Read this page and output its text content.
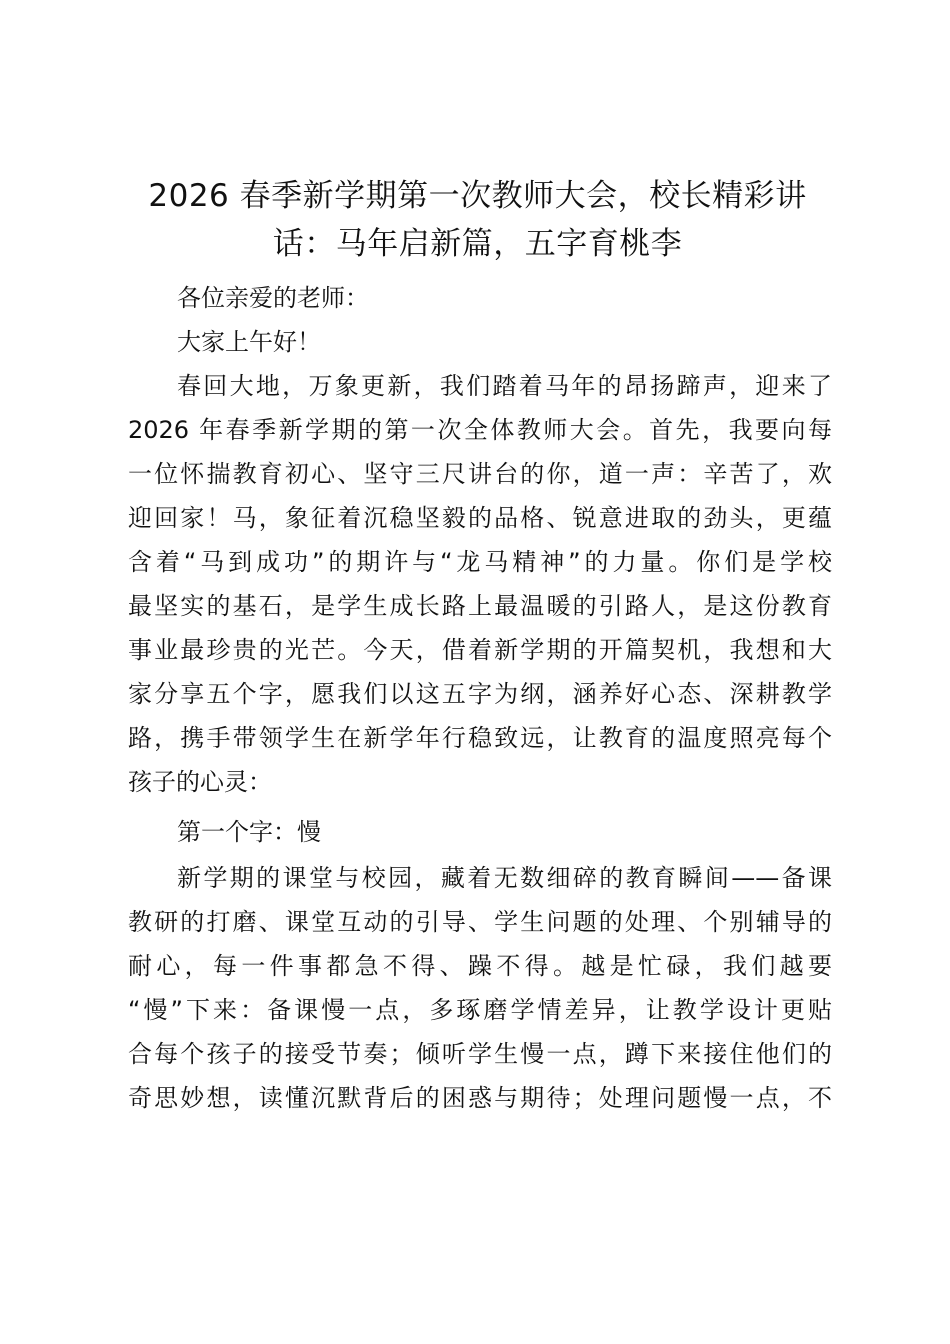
2026 春季新学期第一次教师大会，校长精彩讲话：马年启新篇，五字育桃李

各位亲爱的老师：

大家上午好！

春回大地，万象更新，我们踏着马年的昂扬蹄声，迎来了

2026 年春季新学期的第一次全体教师大会。首先，我要向每

一位怀揣教育初心、坚守三尺讲台的你，道一声：辛苦了，欢

迎回家！马，象征着沉稳坚毅的品格、锐意进取的劲头，更蕴

含着“马到成功”的期许与“龙马精神”的力量。你们是学校

最坚实的基石，是学生成长路上最温暖的引路人，是这份教育

事业最珍贵的光芒。今天，借着新学期的开篇契机，我想和大

家分享五个字，愿我们以这五字为纲，涵养好心态、深耕教学

路，携手带领学生在新学年行稳致远，让教育的温度照亮每个

孩子的心灵：

第一个字：慢

新学期的课堂与校园，藏着无数细碎的教育瞬间——备课

教研的打磨、课堂互动的引导、学生问题的处理、个别辅导的

耐心，每一件事都急不得、躁不得。越是忙碌，我们越要

“慢”下来：备课慢一点，多琢磨学情差异，让教学设计更贴

合每个孩子的接受节奏；倾听学生慢一点，蹲下来接住他们的

奇思妙想，读懂沉默背后的困惑与期待；处理问题慢一点，不
